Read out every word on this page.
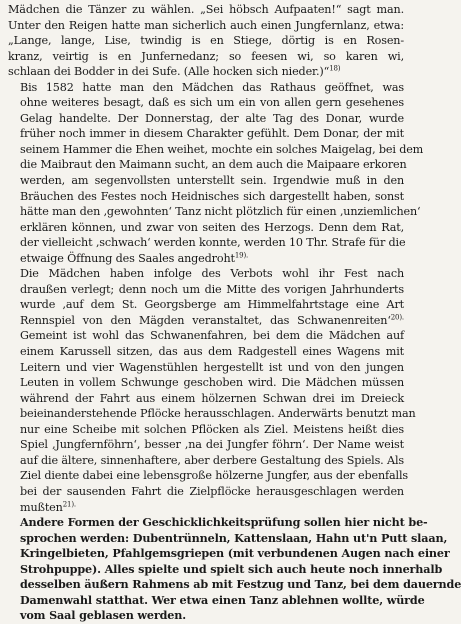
Mädchen die Tänzer zu wählen. „Sei höbsch Aufpaaten!“ sagt man.
Unter den Reigen hatte man sicherlich auch einen Jungfernlanz, etwa:
„Lange, lange, Lise, twindig is en Stiege, dörtig is en Rosen-
kranz, veirtig is en Junfernedanz; so feesen wi, so karen wi,
schlaan dei Bodder in dei Sufe. (Alle hocken sich nieder.)“$^{18)}$
Bis 1582 hatte man den Mädchen das Rathaus geöffnet, was
ohne weiteres besagt, daß es sich um ein von allen gern gesehenes
Gelag handelte. Der Donnerstag, der alte Tag des Donar, wurde
früher noch immer in diesem Charakter gefühlt. Dem Donar, der mit
seinem Hammer die Ehen weihet, mochte ein solches Maigelag, bei dem
die Maibraut den Maimann sucht, an dem auch die Maipaare erkoren
werden, am segenvollsten unterstellt sein. Irgendwie muß in den
Bräuchen des Festes noch Heidnisches sich dargestellt haben, sonst
hätte man den ‚gewohnten‘ Tanz nicht plötzlich für einen ‚unziemlichen‘
erklären können, und zwar von seiten des Herzogs. Denn dem Rat,
der vielleicht ‚schwach‘ werden konnte, werden 10 Thr. Strafe für die
etwaige Öffnung des Saales angedroht$^{19).}$
Die Mädchen haben infolge des Verbots wohl ihr Fest nach
draußen verlegt; denn noch um die Mitte des vorigen Jahrhunderts
wurde ‚auf dem St. Georgsberge am Himmelfahrtstage eine Art
Rennspiel von den Mägden veranstaltet, das Schwanenreiten‘$^{20).}$
Gemeint ist wohl das Schwanenfahren, bei dem die Mädchen auf
einem Karussell sitzen, das aus dem Radgestell eines Wagens mit
Leitern und vier Wagenstühlen hergestellt ist und von den jungen
Leuten in vollem Schwunge geschoben wird. Die Mädchen müssen
während der Fahrt aus einem hölzernen Schwan drei im Dreieck
beieinanderstehende Pflöcke herausschlagen. Anderwärts benutzt man
nur eine Scheibe mit solchen Pflöcken als Ziel. Meistens heißt dies
Spiel ‚Jungfernföhrn‘, besser ‚na dei Jungfer föhrn‘. Der Name weist
auf die ältere, sinnenhaftere, aber derbere Gestaltung des Spiels. Als
Ziel diente dabei eine lebensgroße hölzerne Jungfer, aus der ebenfalls
bei der sausenden Fahrt die Zielpflöcke herausgeschlagen werden
mußten$^{21).}$
Andere Formen der Geschicklichkeitsprüfung sollen hier nicht be-
sprochen werden: Dubentrünneln, Kattenslaan, Hahn ut'n Putt slaan,
Kringelbieten, Pfahlgemsgriepen (mit verbundenen Augen nach einer
Strohpuppe). Alles spielte und spielt sich auch heute noch innerhalb
desselben äußern Rahmens ab mit Festzug und Tanz, bei dem dauernde
Damenwahl statthat. Wer etwa einen Tanz ablehnen wollte, würde
vom Saal geblasen werden.
